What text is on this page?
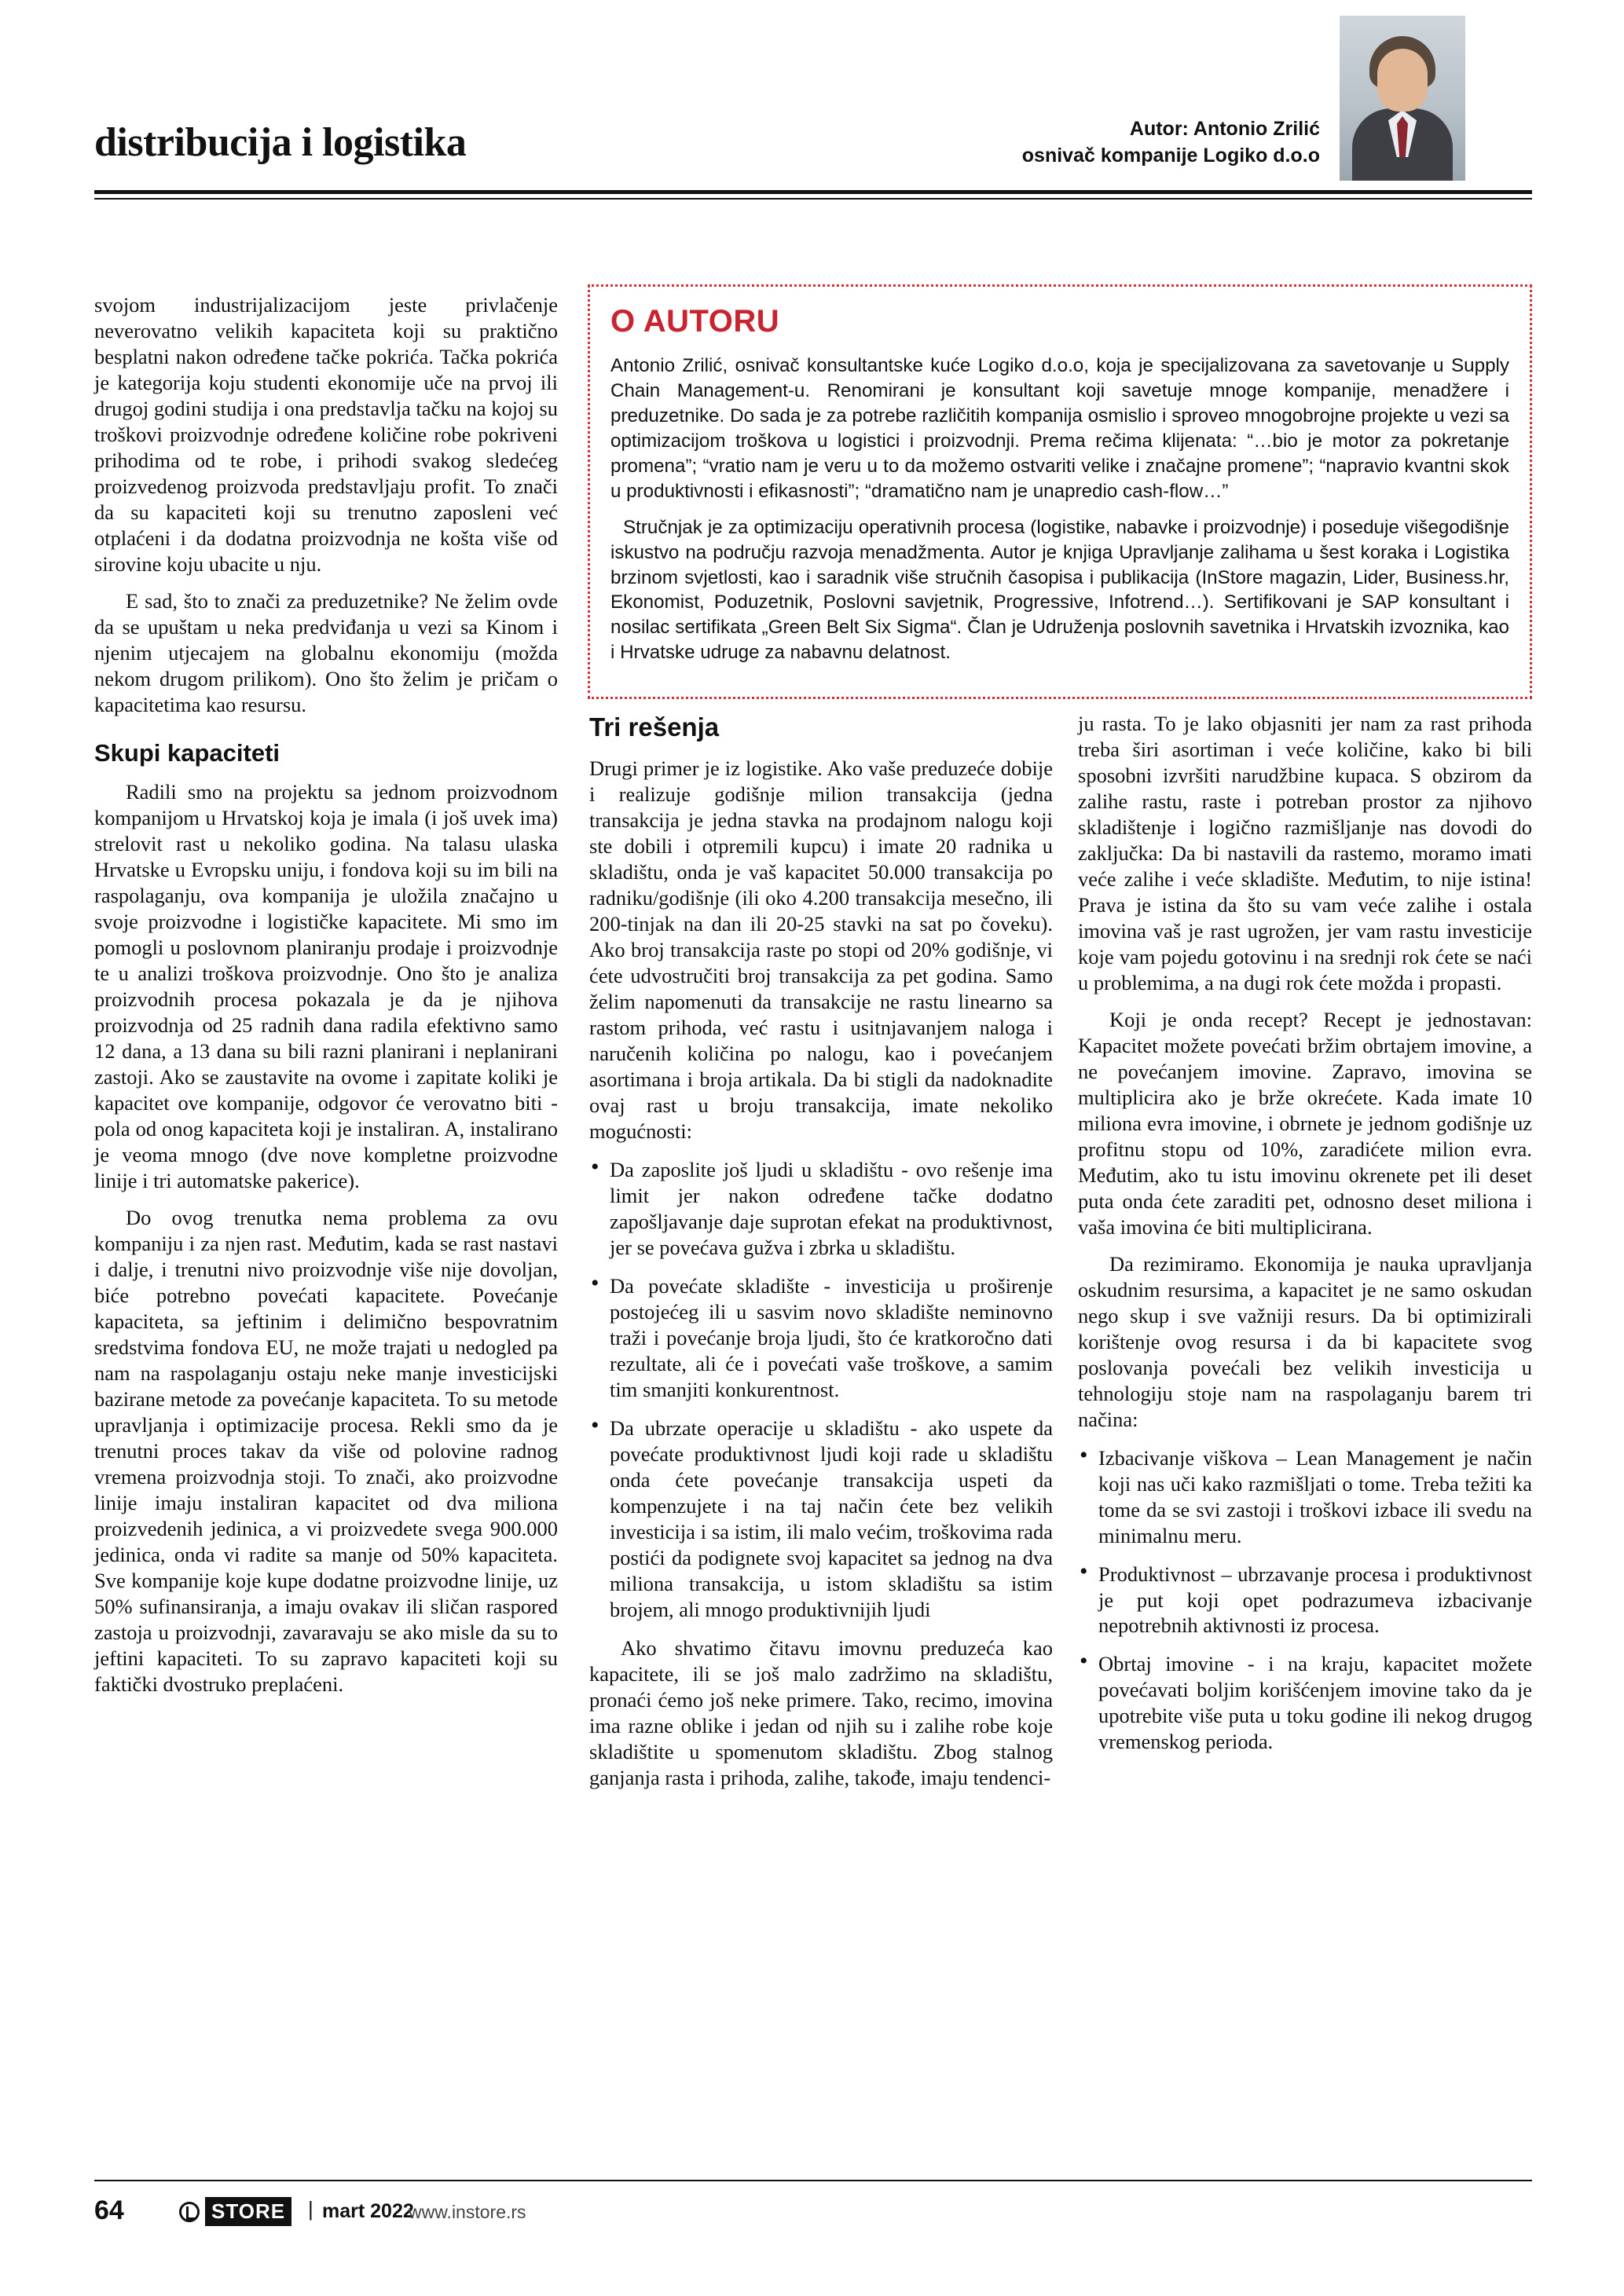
distribucija i logistika	Autor: Antonio Zrilić
osnivač kompanije Logiko d.o.o
O AUTORU

Antonio Zrilić, osnivač konsultantske kuće Logiko d.o.o, koja je specijalizovana za savetovanje u Supply Chain Management-u. Renomirani je konsultant koji savetuje mnoge kompanije, menadžere i preduzetnike. Do sada je za potrebe različitih kompanija osmislio i sproveo mnogobrojne projekte u vezi sa optimizacijom troškova u logistici i proizvodnji. Prema rečima klijenata: “…bio je motor za pokretanje promena”; “vratio nam je veru u to da možemo ostvariti velike i značajne promene”; “napravio kvantni skok u produktivnosti i efikasnosti”; “dramatično nam je unapredio cash-flow…”

Stručnjak je za optimizaciju operativnih procesa (logistike, nabavke i proizvodnje) i poseduje višegodišnje iskustvo na području razvoja menadžmenta. Autor je knjiga Upravljanje zalihama u šest koraka i Logistika brzinom svjetlosti, kao i saradnik više stručnih časopisa i publikacija (InStore magazin, Lider, Business.hr, Ekonomist, Poduzetnik, Poslovni savjetnik, Progressive, Infotrend…). Sertifikovani je SAP konsultant i nosilac sertifikata „Green Belt Six Sigma“. Član je Udruženja poslovnih savetnika i Hrvatskih izvoznika, kao i Hrvatske udruge za nabavnu delatnost.

svojom industrijalizacijom jeste privlačenje neverovatno velikih kapaciteta koji su praktično besplatni nakon određene tačke pokrića. Tačka pokrića je kategorija koju studenti ekonomije uče na prvoj ili drugoj godini studija i ona predstavlja tačku na kojoj su troškovi proizvodnje određene količine robe pokriveni prihodima od te robe, i prihodi svakog sledećeg proizvedenog proizvoda predstavljaju profit. To znači da su kapaciteti koji su trenutno zaposleni već otplaćeni i da dodatna proizvodnja ne košta više od sirovine koju ubacite u nju.

E sad, što to znači za preduzetnike? Ne želim ovde da se upuštam u neka predviđanja u vezi sa Kinom i njenim utjecajem na globalnu ekonomiju (možda nekom drugom prilikom). Ono što želim je pričam o kapacitetima kao resursu.

Skupi kapaciteti

Radili smo na projektu sa jednom proizvodnom kompanijom u Hrvatskoj koja je imala (i još uvek ima) strelovit rast u nekoliko godina. Na talasu ulaska Hrvatske u Evropsku uniju, i fondova koji su im bili na raspolaganju, ova kompanija je uložila značajno u svoje proizvodne i logističke kapacitete. Mi smo im pomogli u poslovnom planiranju prodaje i proizvodnje te u analizi troškova proizvodnje. Ono što je analiza proizvodnih procesa pokazala je da je njihova proizvodnja od 25 radnih dana radila efektivno samo 12 dana, a 13 dana su bili razni planirani i neplanirani zastoji. Ako se zaustavite na ovome i zapitate koliki je kapacitet ove kompanije, odgovor će verovatno biti - pola od onog kapaciteta koji je instaliran. A, instalirano je veoma mnogo (dve nove kompletne proizvodne linije i tri automatske pakerice).

Do ovog trenutka nema problema za ovu kompaniju i za njen rast. Međutim, kada se rast nastavi i dalje, i trenutni nivo proizvodnje više nije dovoljan, biće potrebno povećati kapacitete. Povećanje kapaciteta, sa jeftinim i delimično bespovratnim sredstvima fondova EU, ne može trajati u nedogled pa nam na raspolaganju ostaju neke manje investicijski bazirane metode za povećanje kapaciteta. To su metode upravljanja i optimizacije procesa. Rekli smo da je trenutni proces takav da više od polovine radnog vremena proizvodnja stoji. To znači, ako proizvodne linije imaju instaliran kapacitet od dva miliona proizvedenih jedinica, a vi proizvedete svega 900.000 jedinica, onda vi radite sa manje od 50% kapaciteta. Sve kompanije koje kupe dodatne proizvodne linije, uz 50% sufinansiranja, a imaju ovakav ili sličan raspored zastoja u proizvodnji, zavaravaju se ako misle da su to jeftini kapaciteti. To su zapravo kapaciteti koji su faktički dvostruko preplaćeni.

Tri rešenja

Drugi primer je iz logistike. Ako vaše preduzeće dobije i realizuje godišnje milion transakcija (jedna transakcija je jedna stavka na prodajnom nalogu koji ste dobili i otpremili kupcu) i imate 20 radnika u skladištu, onda je vaš kapacitet 50.000 transakcija po radniku/godišnje (ili oko 4.200 transakcija mesečno, ili 200-tinjak na dan ili 20-25 stavki na sat po čoveku). Ako broj transakcija raste po stopi od 20% godišnje, vi ćete udvostručiti broj transakcija za pet godina. Samo želim napomenuti da transakcije ne rastu linearno sa rastom prihoda, već rastu i usitnjavanjem naloga i naručenih količina po nalogu, kao i povećanjem asortimana i broja artikala. Da bi stigli da nadoknadite ovaj rast u broju transakcija, imate nekoliko mogućnosti:

• Da zaposlite još ljudi u skladištu - ovo rešenje ima limit jer nakon određene tačke dodatno zapošljavanje daje suprotan efekat na produktivnost, jer se povećava gužva i zbrka u skladištu.
• Da povećate skladište - investicija u proširenje postojećeg ili u sasvim novo skladište neminovno traži i povećanje broja ljudi, što će kratkoročno dati rezultate, ali će i povećati vaše troškove, a samim tim smanjiti konkurentnost.
• Da ubrzate operacije u skladištu - ako uspete da povećate produktivnost ljudi koji rade u skladištu onda ćete povećanje transakcija uspeti da kompenzujete i na taj način ćete bez velikih investicija i sa istim, ili malo većim, troškovima rada postići da podignete svoj kapacitet sa jednog na dva miliona transakcija, u istom skladištu sa istim brojem, ali mnogo produktivnijih ljudi

Ako shvatimo čitavu imovnu preduzeća kao kapacitete, ili se još malo zadržimo na skladištu, pronaći ćemo još neke primere. Tako, recimo, imovina ima razne oblike i jedan od njih su i zalihe robe koje skladištite u spomenutom skladištu. Zbog stalnog ganjanja rasta i prihoda, zalihe, takođe, imaju tendenci-

ju rasta. To je lako objasniti jer nam za rast prihoda treba širi asortiman i veće količine, kako bi bili sposobni izvršiti narudžbine kupaca. S obzirom da zalihe rastu, raste i potreban prostor za njihovo skladištenje i logično razmišljanje nas dovodi do zaključka: Da bi nastavili da rastemo, moramo imati veće zalihe i veće skladište. Međutim, to nije istina! Prava je istina da što su vam veće zalihe i ostala imovina vaš je rast ugrožen, jer vam rastu investicije koje vam pojedu gotovinu i na srednji rok ćete se naći u problemima, a na dugi rok ćete možda i propasti.

Koji je onda recept? Recept je jednostavan: Kapacitet možete povećati bržim obrtajem imovine, a ne povećanjem imovine. Zapravo, imovina se multiplicira ako je brže okrećete. Kada imate 10 miliona evra imovine, i obrnete je jednom godišnje uz profitnu stopu od 10%, zaradićete milion evra. Međutim, ako tu istu imovinu okrenete pet ili deset puta onda ćete zaraditi pet, odnosno deset miliona i vaša imovina će biti multiplicirana.

Da rezimiramo. Ekonomija je nauka upravljanja oskudnim resursima, a kapacitet je ne samo oskudan nego skup i sve važniji resurs. Da bi optimizirali korištenje ovog resursa i da bi kapacitete svog poslovanja povećali bez velikih investicija u tehnologiju stoje nam na raspolaganju barem tri načina:

• Izbacivanje viškova – Lean Management je način koji nas uči kako razmišljati o tome. Treba težiti ka tome da se svi zastoji i troškovi izbace ili svedu na minimalnu meru.
• Produktivnost – ubrzavanje procesa i produktivnost je put koji opet podrazumeva izbacivanje nepotrebnih aktivnosti iz procesa.
• Obrtaj imovine - i na kraju, kapacitet možete povećavati boljim korišćenjem imovine tako da je upotrebite više puta u toku godine ili nekog drugog vremenskog perioda.
64	STORE	| mart 2022
www.instore.rs
